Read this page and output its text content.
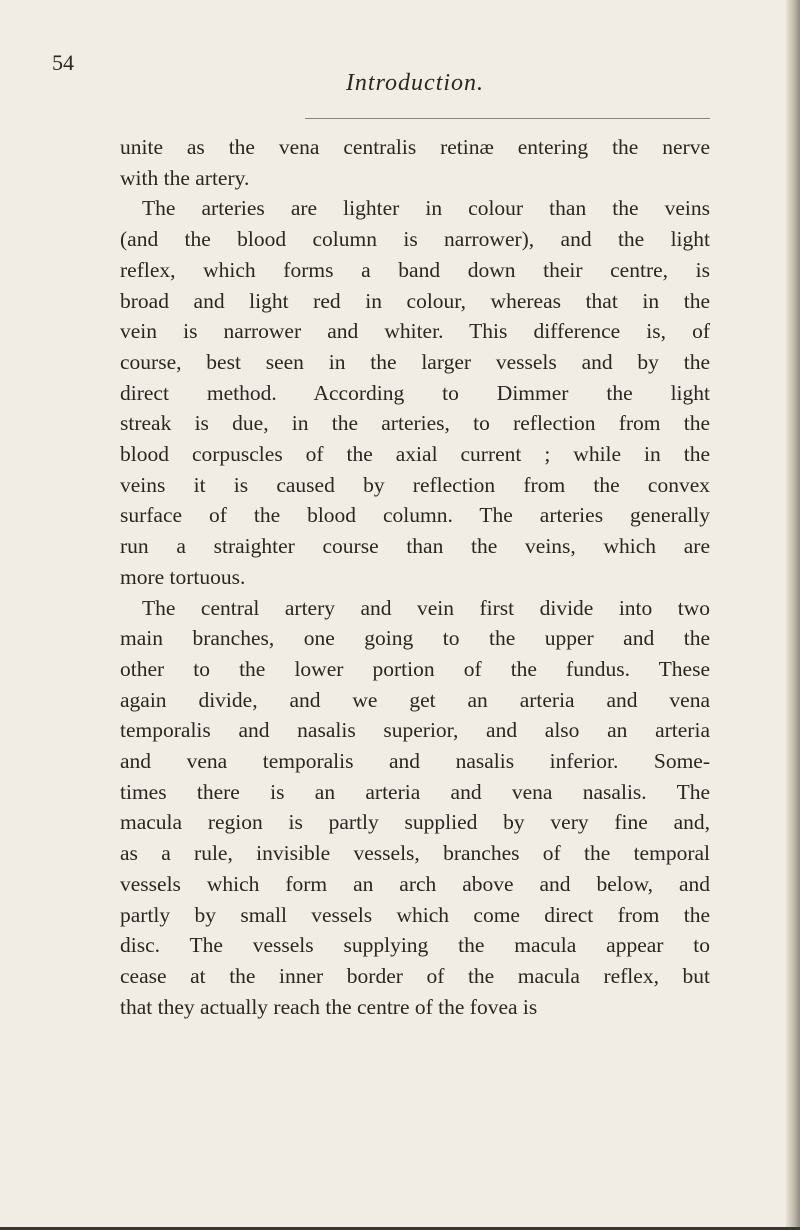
54
Introduction.

unite as the vena centralis retinæ entering the nerve
with the artery.

The arteries are lighter in colour than the veins
(and the blood column is narrower), and the light
reflex, which forms a band down their centre, is
broad and light red in colour, whereas that in the
vein is narrower and whiter. This difference is, of
course, best seen in the larger vessels and by the
direct method. According to Dimmer the light
streak is due, in the arteries, to reflection from the
blood corpuscles of the axial current ; while in the
veins it is caused by reflection from the convex
surface of the blood column. The arteries generally
run a straighter course than the veins, which are
more tortuous.

The central artery and vein first divide into two
main branches, one going to the upper and the
other to the lower portion of the fundus. These
again divide, and we get an arteria and vena
temporalis and nasalis superior, and also an arteria
and vena temporalis and nasalis inferior. Some-
times there is an arteria and vena nasalis. The
macula region is partly supplied by very fine and,
as a rule, invisible vessels, branches of the temporal
vessels which form an arch above and below, and
partly by small vessels which come direct from the
disc. The vessels supplying the macula appear to
cease at the inner border of the macula reflex, but
that they actually reach the centre of the fovea is
